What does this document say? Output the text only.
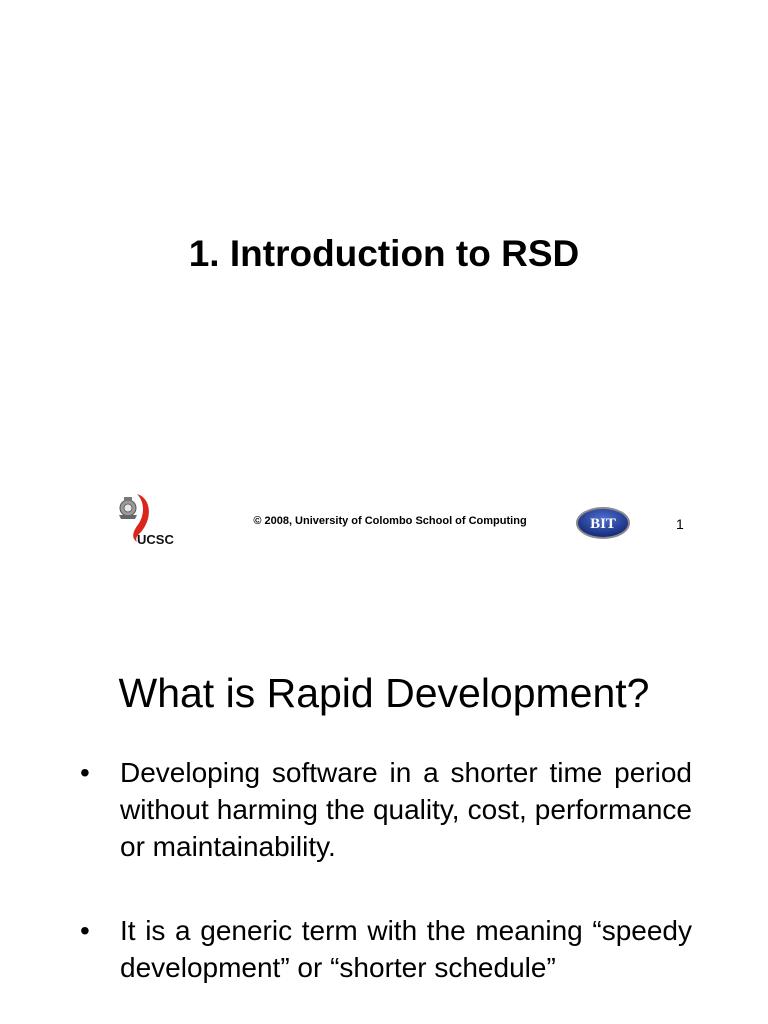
1. Introduction to RSD
UCSC
© 2008, University of Colombo School of Computing	BIT	1
What is Rapid Development?
• Developing software in a shorter time period without harming the quality, cost, performance or maintainability.
• It is a generic term with the meaning “speedy development” or “shorter schedule”
